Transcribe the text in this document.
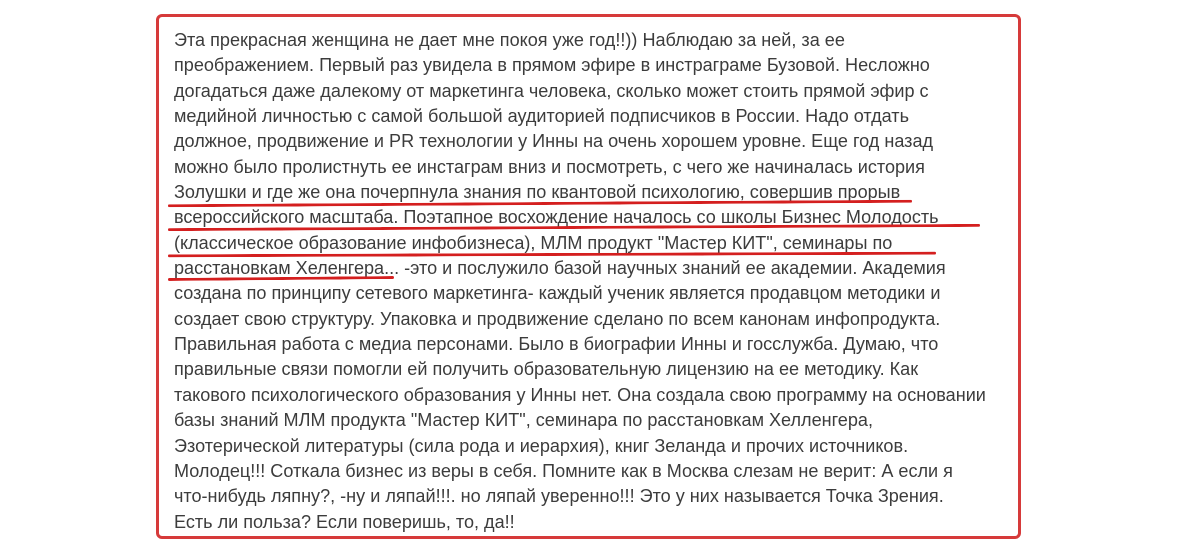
Эта прекрасная женщина не дает мне покоя уже год!!)) Наблюдаю за ней, за ее
преображением. Первый раз увидела в прямом эфире в инстраграме Бузовой. Несложно
догадаться даже далекому от маркетинга человека, сколько может стоить прямой эфир с
медийной личностью с самой большой аудиторией подписчиков в России. Надо отдать
должное, продвижение и PR технологии у Инны на очень хорошем уровне. Еще год назад
можно было пролистнуть ее инстаграм вниз и посмотреть, с чего же начиналась история
Золушки и где же она почерпнула знания по квантовой психологию, совершив прорыв
всероссийского масштаба. Поэтапное восхождение началось со школы Бизнес Молодость
(классическое образование инфобизнеса), МЛМ продукт "Мастер КИТ", семинары по
расстановкам Хеленгера... -это и послужило базой научных знаний ее академии. Академия
создана по принципу сетевого маркетинга- каждый ученик является продавцом методики и
создает свою структуру. Упаковка и продвижение сделано по всем канонам инфопродукта.
Правильная работа с медиа персонами. Было в биографии Инны и госслужба. Думаю, что
правильные связи помогли ей получить образовательную лицензию на ее методику. Как
такового психологического образования у Инны нет. Она создала свою программу на основании
базы знаний МЛМ продукта "Мастер КИТ", семинара по расстановкам Хелленгера,
Эзотерической литературы (сила рода и иерархия), книг Зеланда и прочих источников.
Молодец!!! Соткала бизнес из веры в себя. Помните как в Москва слезам не верит: А если я
что-нибудь ляпну?, -ну и ляпай!!!. но ляпай уверенно!!! Это у них называется Точка Зрения.
Есть ли польза? Если поверишь, то, да!!
